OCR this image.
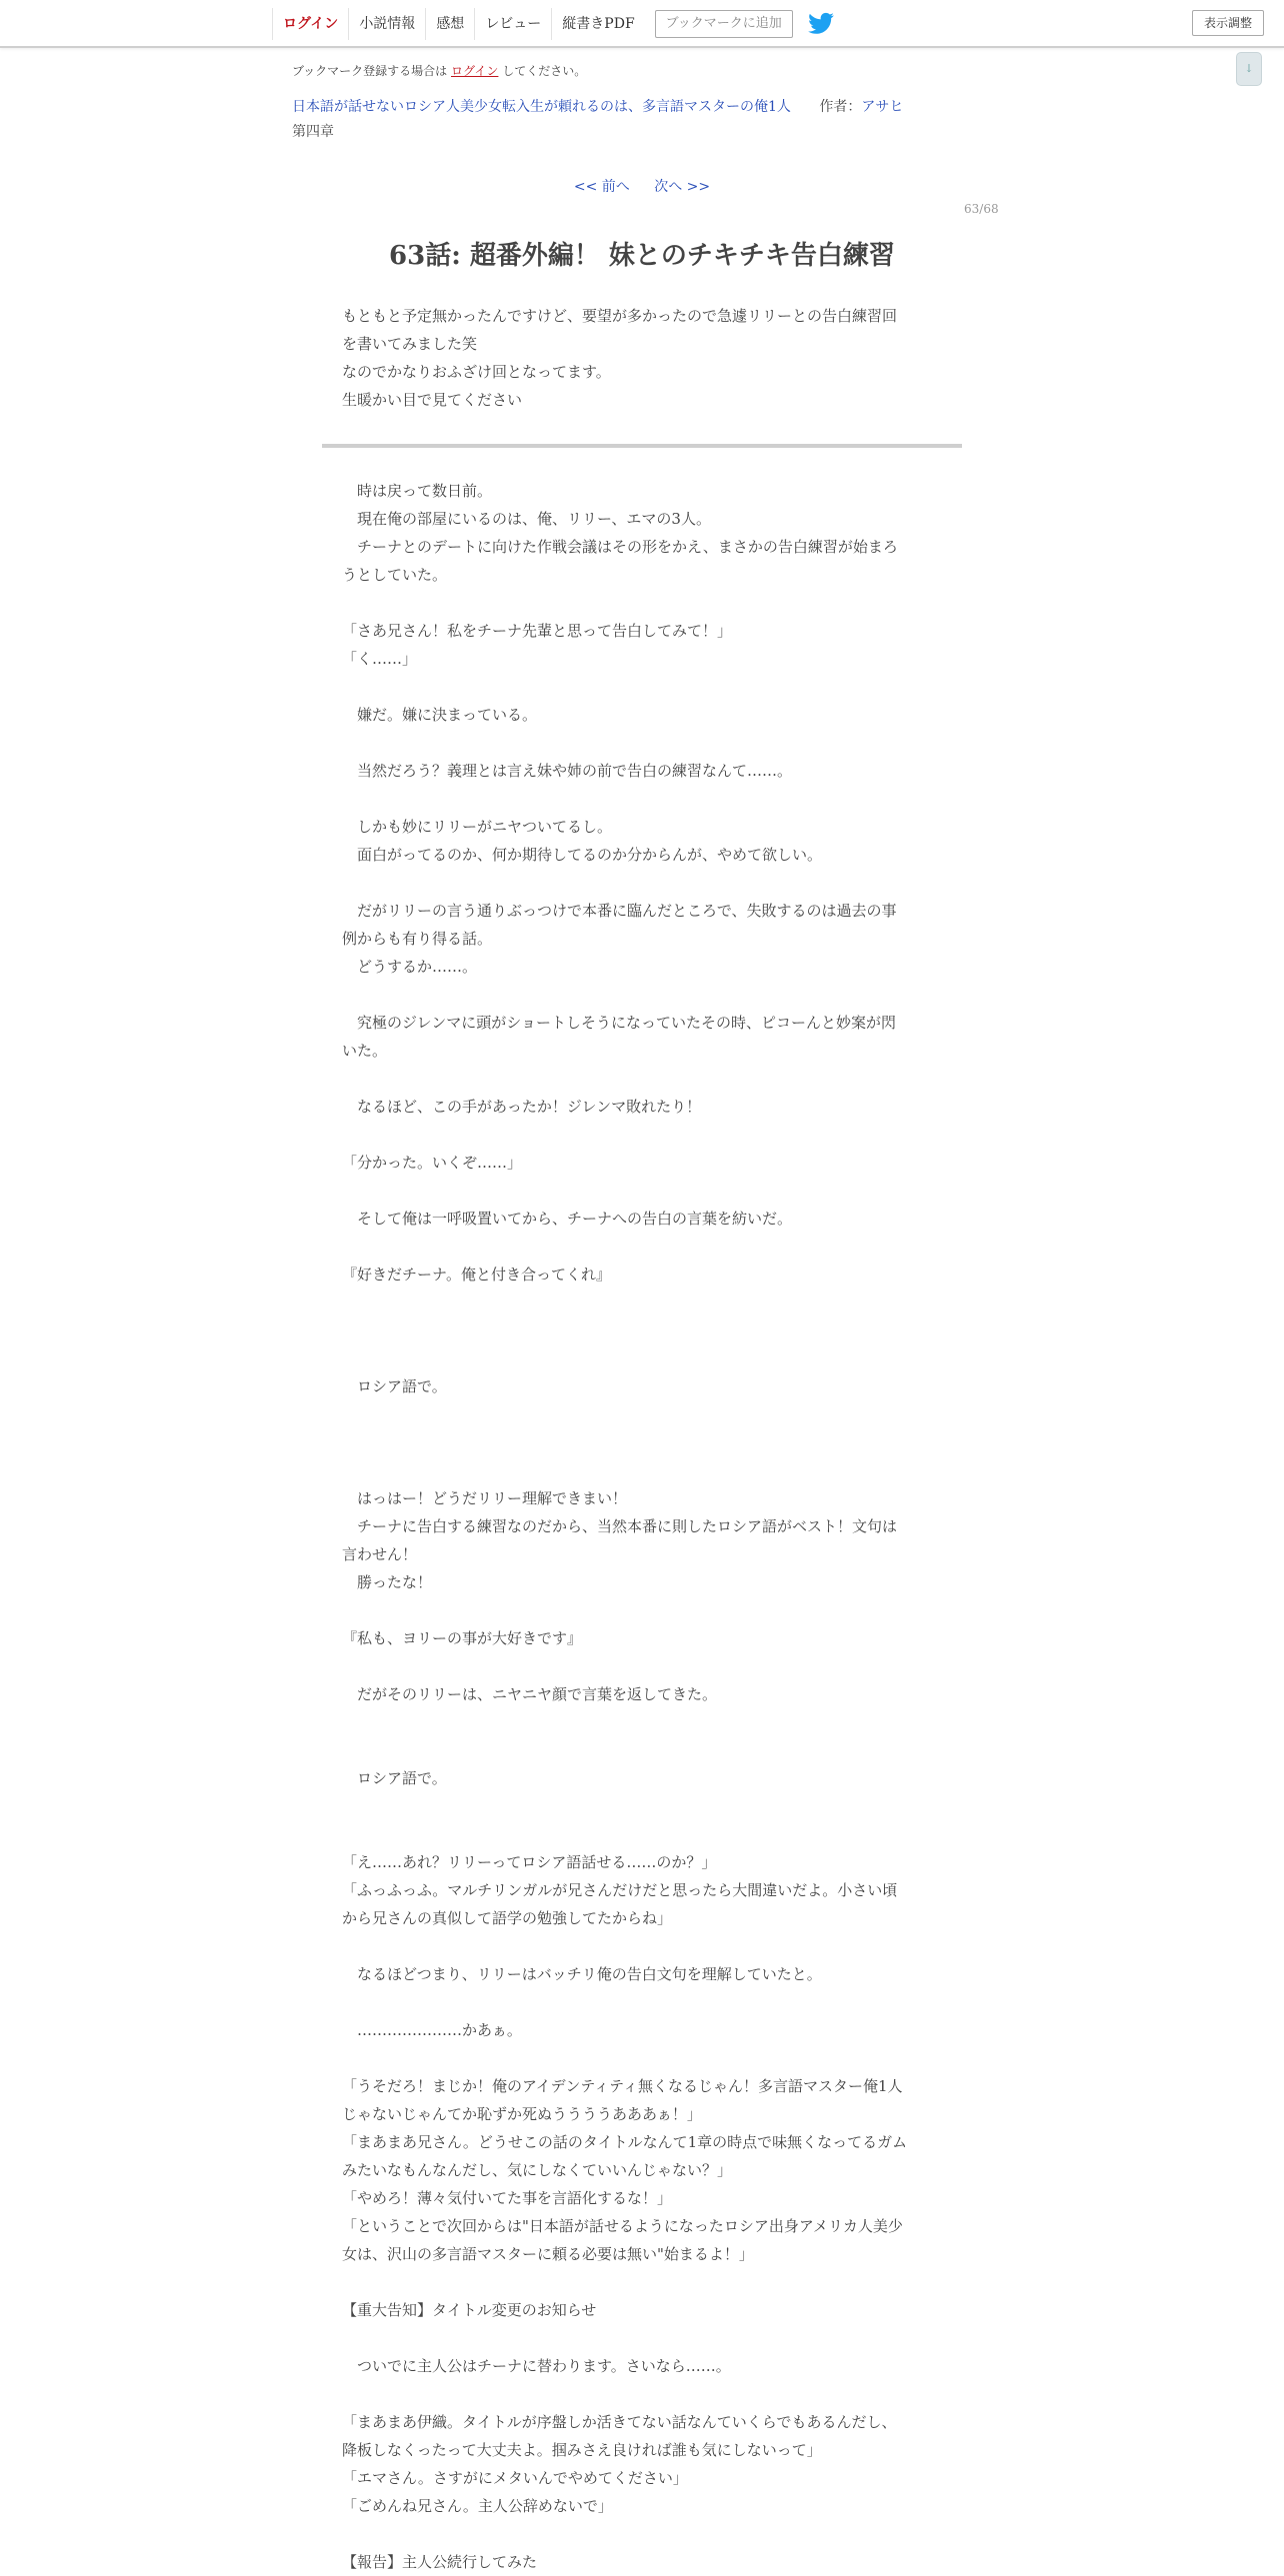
ログイン	小説情報	感想	レビュー	縦書きPDF	ブックマークに追加	表示調整
↓
ブックマーク登録する場合は ログイン してください。
日本語が話せないロシア人美少女転入生が頼れるのは、多言語マスターの俺1人 作者：アサヒ
第四章
<< 前へ 次へ >>
63/68
63話: 超番外編！ 妹とのチキチキ告白練習
もともと予定無かったんですけど、要望が多かったので急遽リリーとの告白練習回
を書いてみました笑
なのでかなりおふざけ回となってます。
生暖かい目で見てください
　時は戻って数日前。
　現在俺の部屋にいるのは、俺、リリー、エマの3人。
　チーナとのデートに向けた作戦会議はその形をかえ、まさかの告白練習が始まろ
うとしていた。
「さあ兄さん！私をチーナ先輩と思って告白してみて！」
「く……」
　嫌だ。嫌に決まっている。
　当然だろう？義理とは言え妹や姉の前で告白の練習なんて……。
　しかも妙にリリーがニヤついてるし。
　面白がってるのか、何か期待してるのか分からんが、やめて欲しい。
　だがリリーの言う通りぶっつけで本番に臨んだところで、失敗するのは過去の事
例からも有り得る話。
　どうするか……。
　究極のジレンマに頭がショートしそうになっていたその時、ピコーんと妙案が閃
いた。
　なるほど、この手があったか！ジレンマ敗れたり！
「分かった。いくぞ……」
　そして俺は一呼吸置いてから、チーナへの告白の言葉を紡いだ。
『好きだチーナ。俺と付き合ってくれ』
　ロシア語で。
　はっはー！どうだリリー理解できまい！
　チーナに告白する練習なのだから、当然本番に則したロシア語がベスト！文句は
言わせん！
　勝ったな！
『私も、ヨリーの事が大好きです』
　だがそのリリーは、ニヤニヤ顔で言葉を返してきた。
　ロシア語で。
「え……あれ？リリーってロシア語話せる……のか？」
「ふっふっふ。マルチリンガルが兄さんだけだと思ったら大間違いだよ。小さい頃
から兄さんの真似して語学の勉強してたからね」
　なるほどつまり、リリーはバッチリ俺の告白文句を理解していたと。
　…………………かあぁ。
「うそだろ！まじか！俺のアイデンティティ無くなるじゃん！多言語マスター俺1人
じゃないじゃんてか恥ずか死ぬううううあああぁ！」
「まあまあ兄さん。どうせこの話のタイトルなんて1章の時点で味無くなってるガム
みたいなもんなんだし、気にしなくていいんじゃない？」
「やめろ！薄々気付いてた事を言語化するな！」
「ということで次回からは"日本語が話せるようになったロシア出身アメリカ人美少
女は、沢山の多言語マスターに頼る必要は無い"始まるよ！」
【重大告知】タイトル変更のお知らせ
　ついでに主人公はチーナに替わります。さいなら……。
「まあまあ伊織。タイトルが序盤しか活きてない話なんていくらでもあるんだし、
降板しなくったって大丈夫よ。掴みさえ良ければ誰も気にしないって」
「エマさん。さすがにメタいんでやめてください」
「ごめんね兄さん。主人公辞めないで」
【報告】主人公続行してみた
